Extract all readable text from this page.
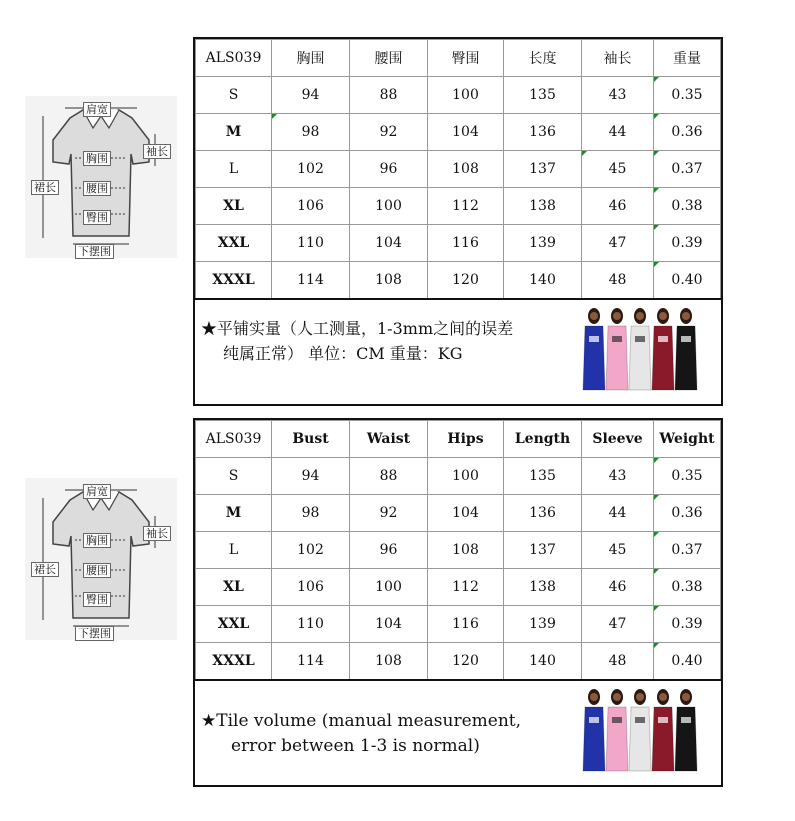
肩宽
袖长
胸围
裙长	腰围
臀围
下摆围
肩宽
袖长
胸围
裙长	腰围
臀围
下摆围
ALS039	胸围	腰围	臀围	长度	袖长	重量
S	94	88	100	135	43	0.35
M	98	92	104	136	44	0.36
L	102	96	108	137	45	0.37
XL	106	100	112	138	46	0.38
XXL	110	104	116	139	47	0.39
XXXL	114	108	120	140	48	0.40
★平铺实量（人工测量，1-3mm之间的误差
纯属正常） 单位：CM 重量：KG
ALS039	Bust	Waist	Hips	Length	Sleeve	Weight
S	94	88	100	135	43	0.35
M	98	92	104	136	44	0.36
L	102	96	108	137	45	0.37
XL	106	100	112	138	46	0.38
XXL	110	104	116	139	47	0.39
XXXL	114	108	120	140	48	0.40
★Tile volume (manual measurement,
error between 1-3 is normal)
